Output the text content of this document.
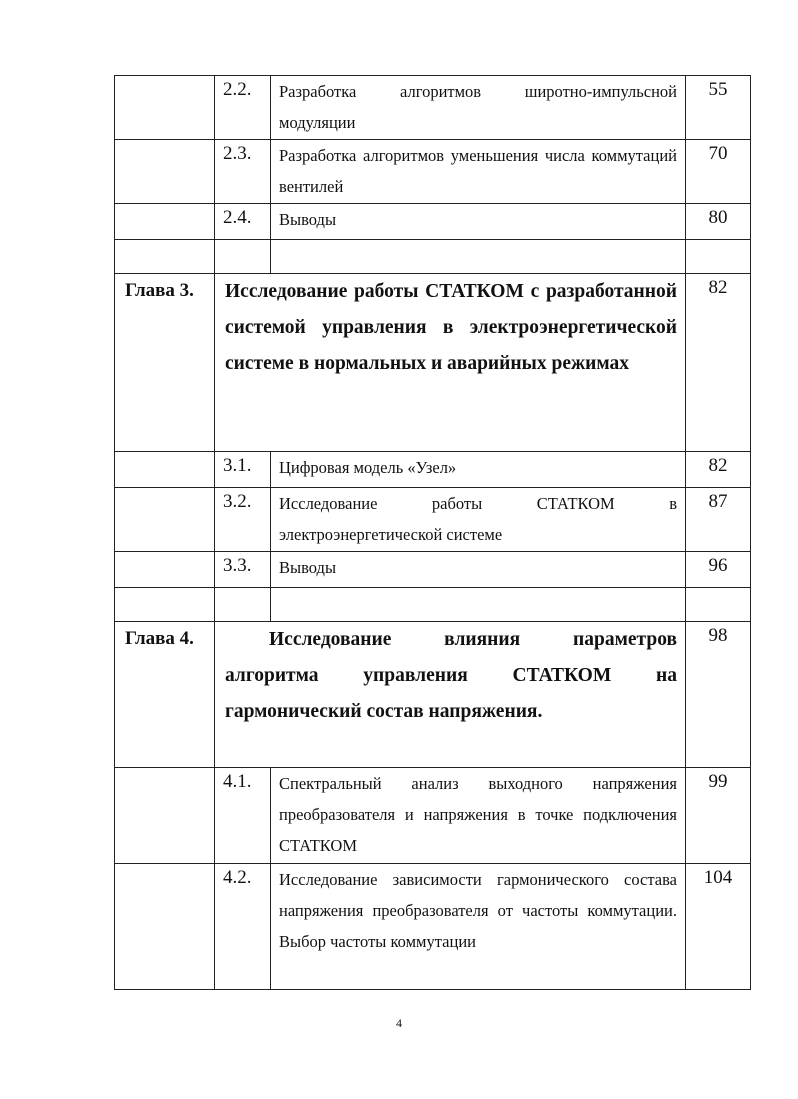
	2.2.	Разработка алгоритмов широтно-импульсной модуляции	55
	2.3.	Разработка алгоритмов уменьшения числа коммутаций вентилей	70
	2.4.	Выводы	80

Глава 3.	Исследование работы СТАТКОМ с разработанной системой управления в электроэнергетической системе в нормальных и аварийных режимах		82
	3.1.	Цифровая модель «Узел»	82
	3.2.	Исследование работы СТАТКОМ в электроэнергетической системе	87
	3.3.	Выводы	96

Глава 4.	Исследование влияния параметров алгоритма управления СТАТКОМ на гармонический состав напряжения.		98
	4.1.	Спектральный анализ выходного напряжения преобразователя и напряжения в точке подключения СТАТКОМ	99
	4.2.	Исследование зависимости гармонического состава напряжения преобразователя от частоты коммутации. Выбор частоты коммутации	104
4
